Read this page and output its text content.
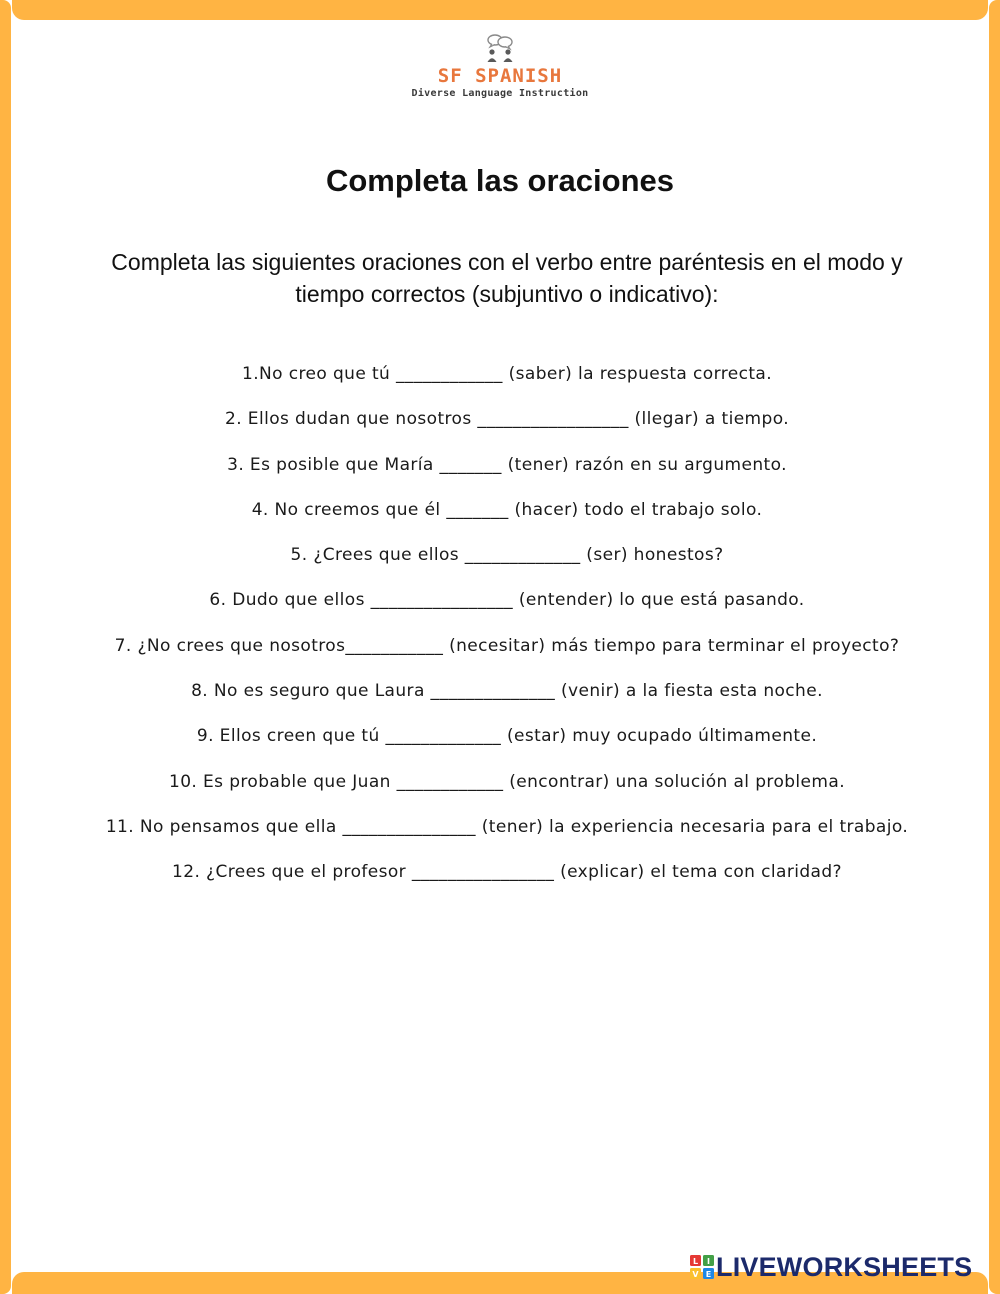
SF SPANISH
Diverse Language Instruction
Completa las oraciones

Completa las siguientes oraciones con el verbo entre paréntesis en el modo y tiempo correctos (subjuntivo o indicativo):

1.No creo que tú ____________ (saber) la respuesta correcta.
2. Ellos dudan que nosotros _________________ (llegar) a tiempo.
3. Es posible que María _______ (tener) razón en su argumento.
4. No creemos que él _______ (hacer) todo el trabajo solo.
5. ¿Crees que ellos _____________ (ser) honestos?
6. Dudo que ellos ________________ (entender) lo que está pasando.
7. ¿No crees que nosotros___________ (necesitar) más tiempo para terminar el proyecto?
8. No es seguro que Laura ______________ (venir) a la fiesta esta noche.
9. Ellos creen que tú _____________ (estar) muy ocupado últimamente.
10. Es probable que Juan ____________ (encontrar) una solución al problema.
11. No pensamos que ella _______________ (tener) la experiencia necesaria para el trabajo.
12. ¿Crees que el profesor ________________ (explicar) el tema con claridad?
L I
V E LIVEWORKSHEETS
